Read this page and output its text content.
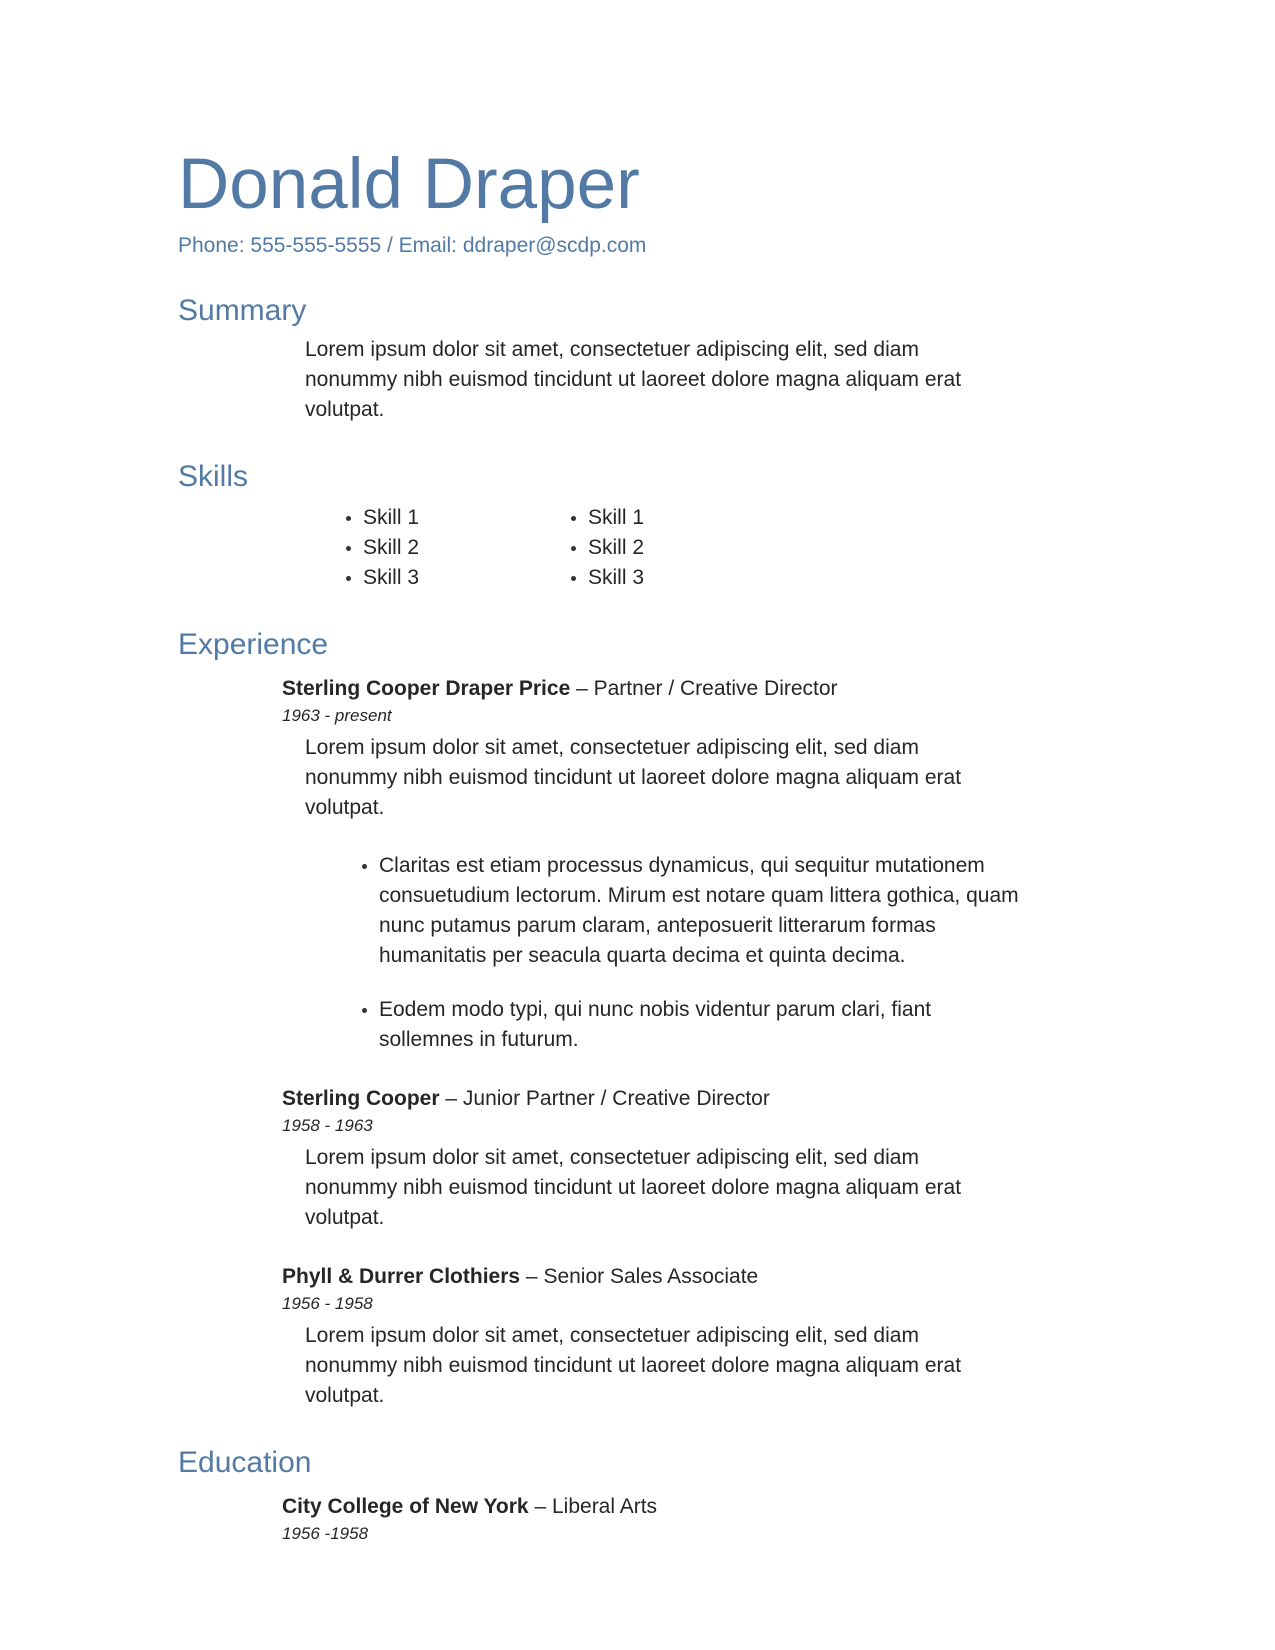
Donald Draper
Phone: 555-555-5555 / Email: ddraper@scdp.com
Summary

Lorem ipsum dolor sit amet, consectetuer adipiscing elit, sed diam nonummy nibh euismod tincidunt ut laoreet dolore magna aliquam erat volutpat.

Skills
• Skill 1
• Skill 2
• Skill 3
• Skill 1
• Skill 2
• Skill 3
Experience
Sterling Cooper Draper Price – Partner / Creative Director
1963 - present

Lorem ipsum dolor sit amet, consectetuer adipiscing elit, sed diam nonummy nibh euismod tincidunt ut laoreet dolore magna aliquam erat volutpat.

• Claritas est etiam processus dynamicus, qui sequitur mutationem consuetudium lectorum. Mirum est notare quam littera gothica, quam nunc putamus parum claram, anteposuerit litterarum formas humanitatis per seacula quarta decima et quinta decima.
• Eodem modo typi, qui nunc nobis videntur parum clari, fiant sollemnes in futurum.
Sterling Cooper – Junior Partner / Creative Director
1958 - 1963

Lorem ipsum dolor sit amet, consectetuer adipiscing elit, sed diam nonummy nibh euismod tincidunt ut laoreet dolore magna aliquam erat volutpat.

Phyll & Durrer Clothiers – Senior Sales Associate
1956 - 1958

Lorem ipsum dolor sit amet, consectetuer adipiscing elit, sed diam nonummy nibh euismod tincidunt ut laoreet dolore magna aliquam erat volutpat.

Education
City College of New York – Liberal Arts
1956 -1958
